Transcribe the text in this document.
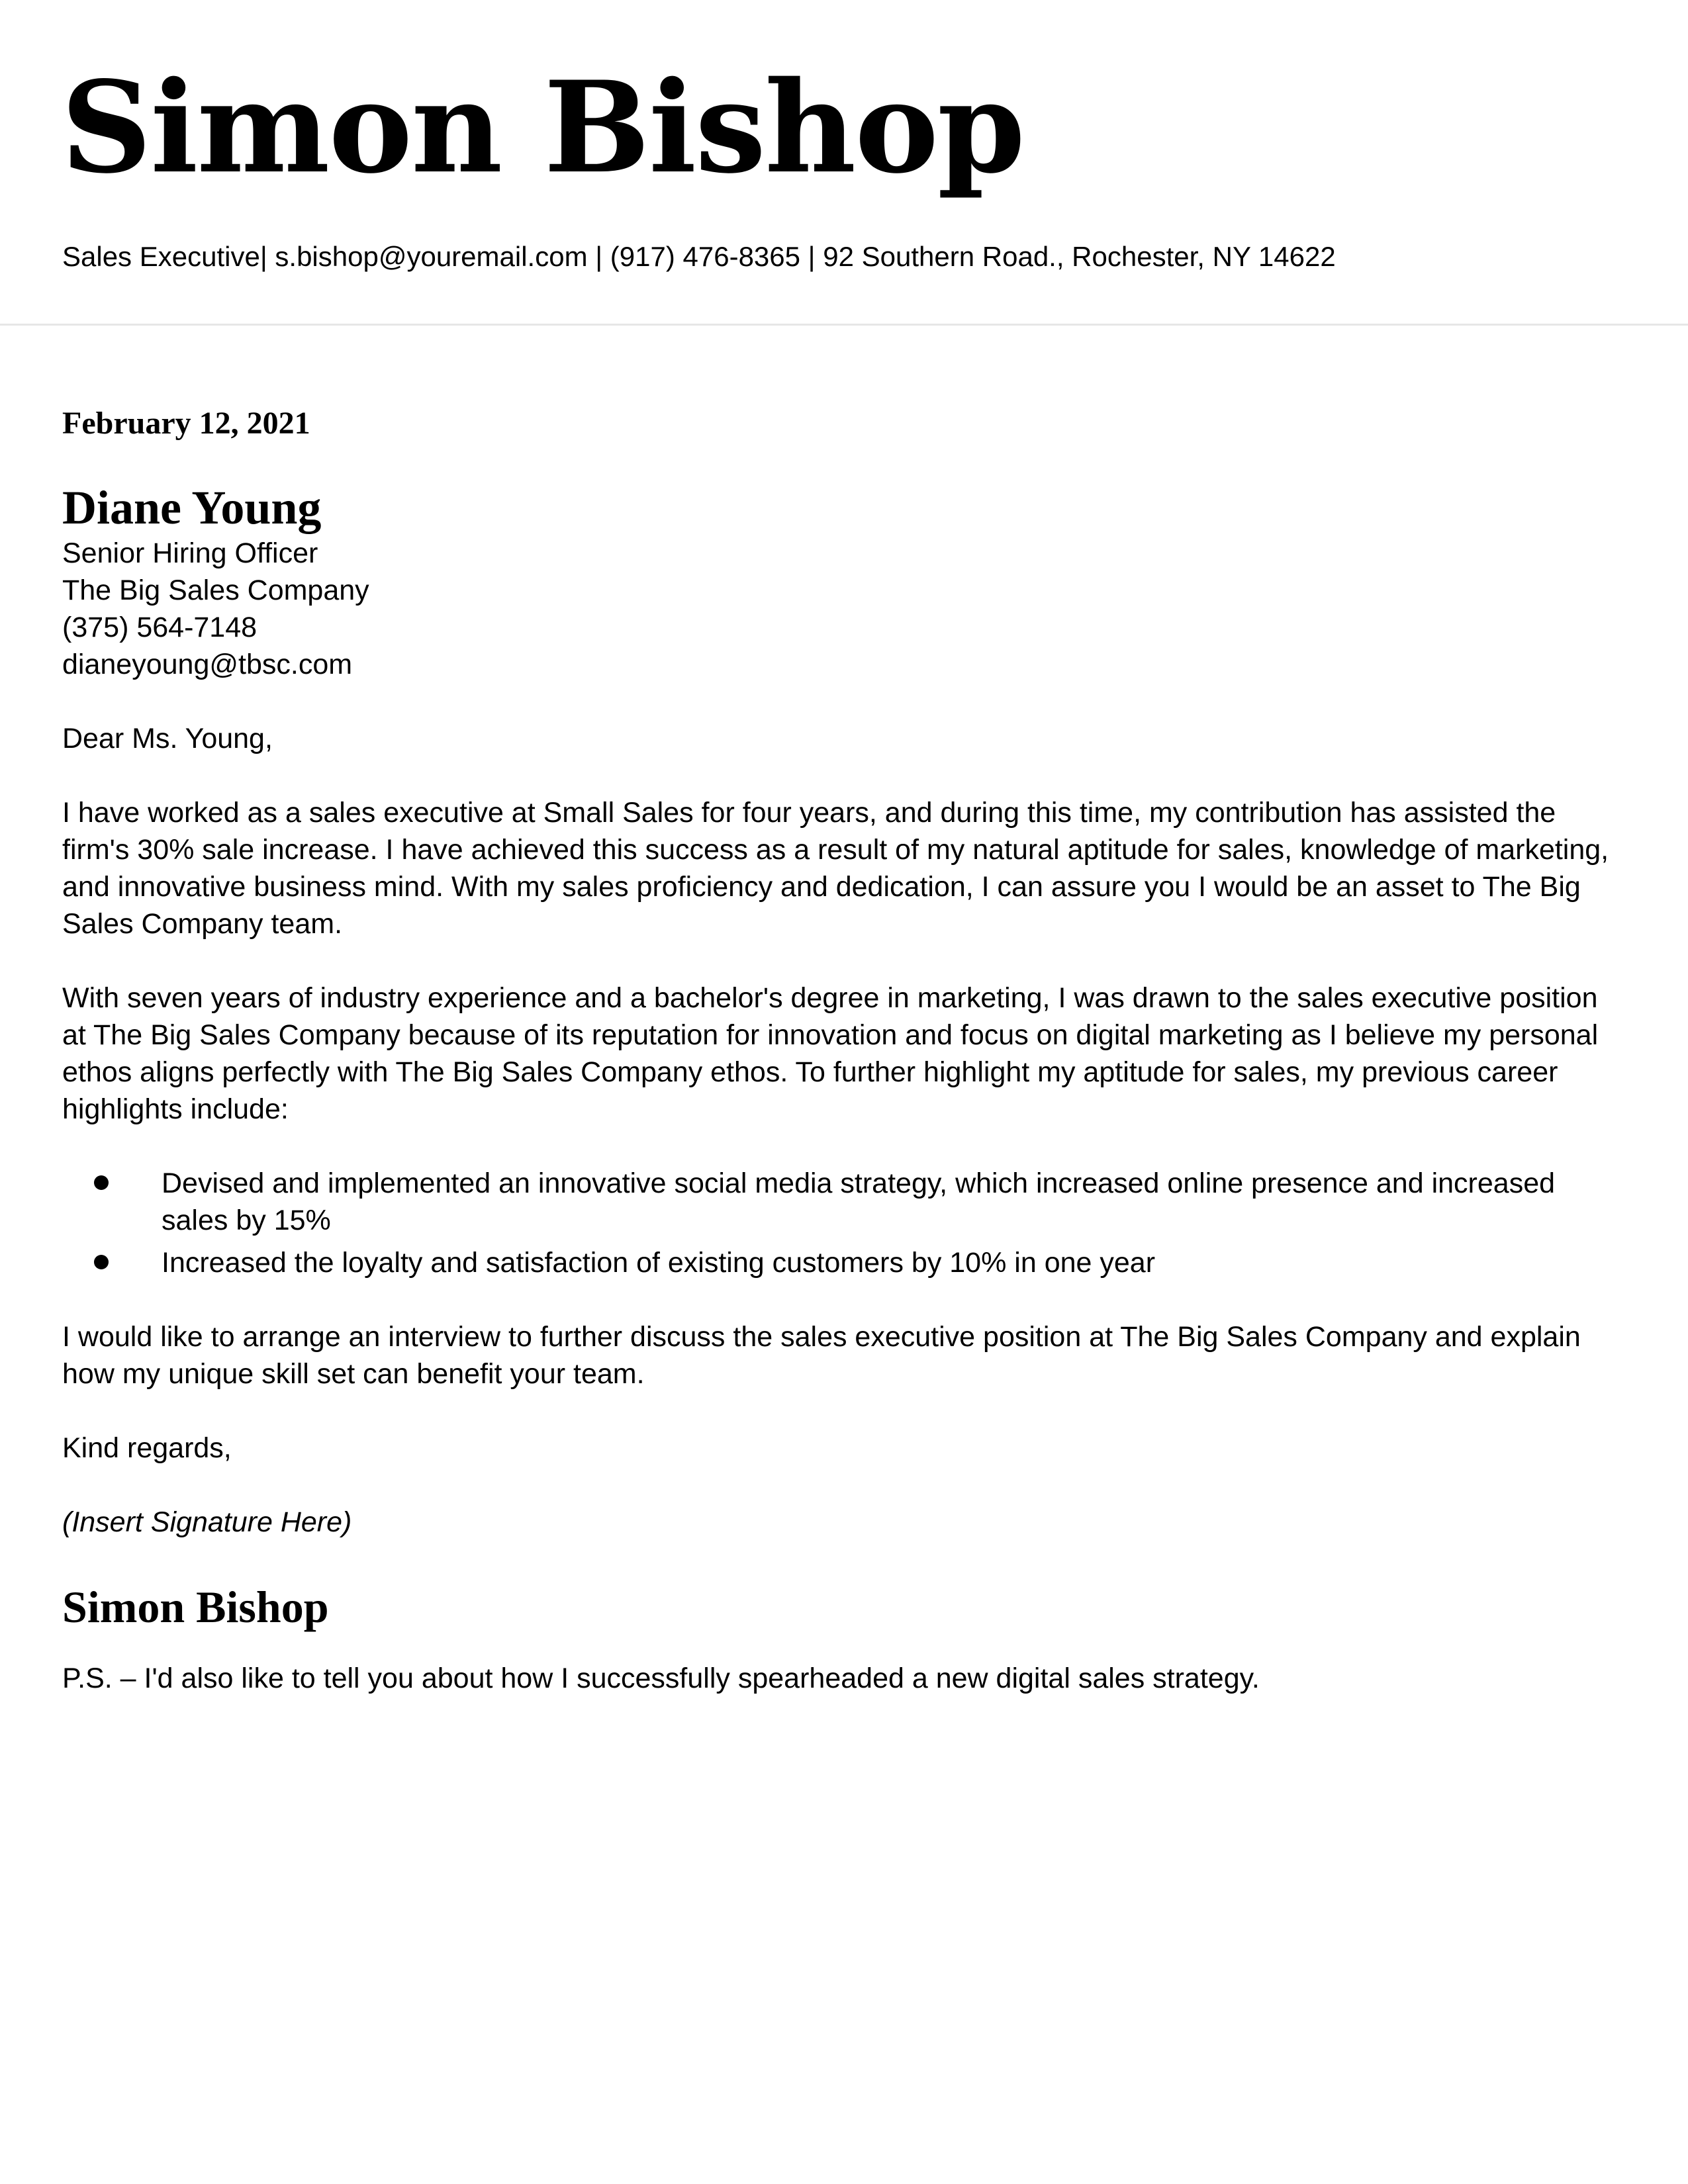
Simon Bishop

Sales Executive| s.bishop@youremail.com | (917) 476-8365 | 92 Southern Road., Rochester, NY 14622

February 12, 2021

Diane Young
Senior Hiring Officer
The Big Sales Company
(375) 564-7148
dianeyoung@tbsc.com

Dear Ms. Young,

I have worked as a sales executive at Small Sales for four years, and during this time, my contribution has assisted the firm's 30% sale increase. I have achieved this success as a result of my natural aptitude for sales, knowledge of marketing, and innovative business mind. With my sales proficiency and dedication, I can assure you I would be an asset to The Big Sales Company team.

With seven years of industry experience and a bachelor's degree in marketing, I was drawn to the sales executive position at The Big Sales Company because of its reputation for innovation and focus on digital marketing as I believe my personal ethos aligns perfectly with The Big Sales Company ethos. To further highlight my aptitude for sales, my previous career highlights include:

Devised and implemented an innovative social media strategy, which increased online presence and increased sales by 15%
Increased the loyalty and satisfaction of existing customers by 10% in one year

I would like to arrange an interview to further discuss the sales executive position at The Big Sales Company and explain how my unique skill set can benefit your team.

Kind regards,

(Insert Signature Here)

Simon Bishop

P.S. – I'd also like to tell you about how I successfully spearheaded a new digital sales strategy.
